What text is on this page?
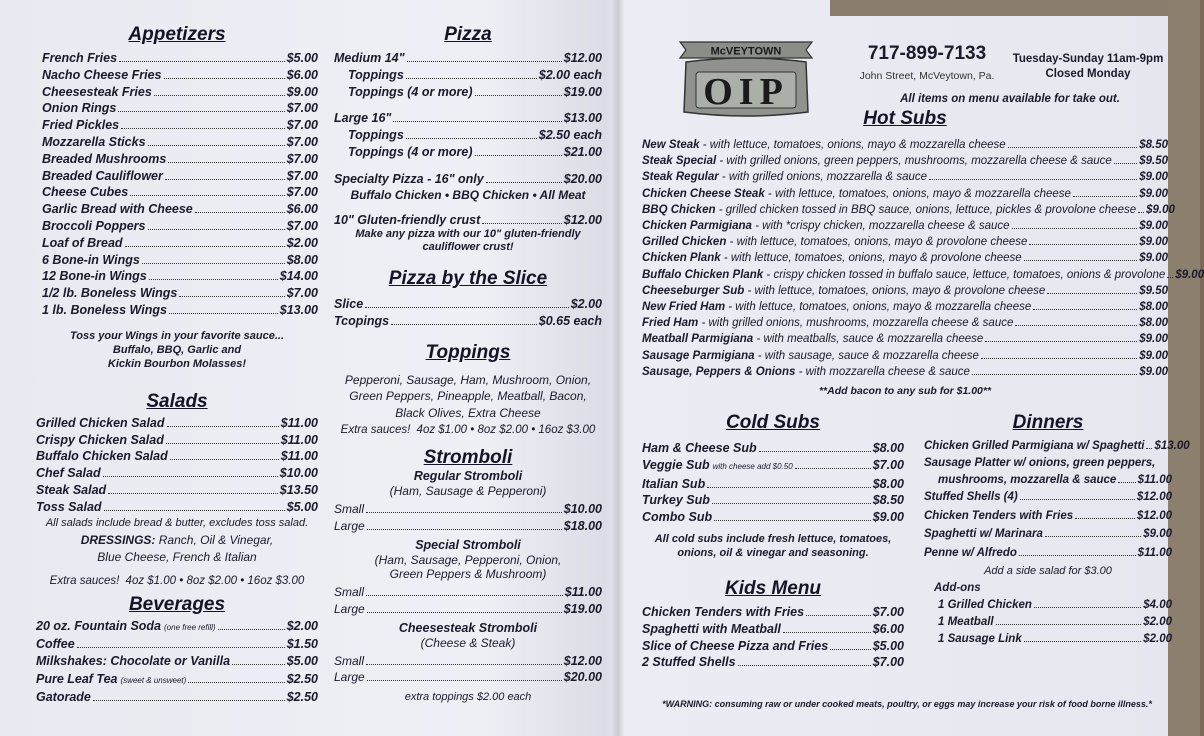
Appetizers
French Fries	$5.00
Nacho Cheese Fries	$6.00
Cheesesteak Fries	$9.00
Onion Rings	$7.00
Fried Pickles	$7.00
Mozzarella Sticks	$7.00
Breaded Mushrooms	$7.00
Breaded Cauliflower	$7.00
Cheese Cubes	$7.00
Garlic Bread with Cheese	$6.00
Broccoli Poppers	$7.00
Loaf of Bread	$2.00
6 Bone-in Wings	$8.00
12 Bone-in Wings	$14.00
1/2 lb. Boneless Wings	$7.00
1 lb. Boneless Wings	$13.00
Toss your Wings in your favorite sauce...
Buffalo, BBQ, Garlic and
Kickin Bourbon Molasses!
Salads
Grilled Chicken Salad	$11.00
Crispy Chicken Salad	$11.00
Buffalo Chicken Salad	$11.00
Chef Salad	$10.00
Steak Salad	$13.50
Toss Salad	$5.00
All salads include bread & butter, excludes toss salad.
DRESSINGS: Ranch, Oil & Vinegar,
Blue Cheese, French & Italian
Extra sauces! 4oz $1.00 • 8oz $2.00 • 16oz $3.00
Beverages
20 oz. Fountain Soda (one free refill)	$2.00
Coffee	$1.50
Milkshakes: Chocolate or Vanilla	$5.00
Pure Leaf Tea (sweet & unsweet)	$2.50
Gatorade	$2.50
Pizza
Medium 14"	$12.00
Toppings	$2.00 each
Toppings (4 or more)	$19.00
Large 16"	$13.00
Toppings	$2.50 each
Toppings (4 or more)	$21.00
Specialty Pizza - 16" only	$20.00
Buffalo Chicken • BBQ Chicken • All Meat
10" Gluten-friendly crust	$12.00
Make any pizza with our 10" gluten-friendly
cauliflower crust!
Pizza by the Slice
Slice	$2.00
Tcopings	$0.65 each
Toppings
Pepperoni, Sausage, Ham, Mushroom, Onion,
Green Peppers, Pineapple, Meatball, Bacon,
Black Olives, Extra Cheese
Extra sauces! 4oz $1.00 • 8oz $2.00 • 16oz $3.00
Stromboli
Regular Stromboli
(Ham, Sausage & Pepperoni)
Small	$10.00
Large	$18.00
Special Stromboli
(Ham, Sausage, Pepperoni, Onion,
Green Peppers & Mushroom)
Small	$11.00
Large	$19.00
Cheesesteak Stromboli
(Cheese & Steak)
Small	$12.00
Large	$20.00
extra toppings $2.00 each
McVEYTOWN
OIP
717-899-7133
John Street, McVeytown, Pa.
Tuesday-Sunday 11am-9pm
Closed Monday
All items on menu available for take out.
Hot Subs
New Steak - with lettuce, tomatoes, onions, mayo & mozzarella cheese	$8.50
Steak Special - with grilled onions, green peppers, mushrooms, mozzarella cheese & sauce $9.50
Steak Regular - with grilled onions, mozzarella & sauce	$9.00
Chicken Cheese Steak - with lettuce, tomatoes, onions, mayo & mozzarella cheese	$9.00
BBQ Chicken - grilled chicken tossed in BBQ sauce, onions, lettuce, pickles & provolone cheese $9.00
Chicken Parmigiana - with *crispy chicken, mozzarella cheese & sauce	$9.00
Grilled Chicken - with lettuce, tomatoes, onions, mayo & provolone cheese	$9.00
Chicken Plank - with lettuce, tomatoes, onions, mayo & provolone cheese	$9.00
Buffalo Chicken Plank - crispy chicken tossed in buffalo sauce, lettuce, tomatoes, onions & provolone $9.00
Cheeseburger Sub - with lettuce, tomatoes, onions, mayo & provolone cheese	$9.50
New Fried Ham - with lettuce, tomatoes, onions, mayo & mozzarella cheese	$8.00
Fried Ham - with grilled onions, mushrooms, mozzarella cheese & sauce	$8.00
Meatball Parmigiana - with meatballs, sauce & mozzarella cheese	$9.00
Sausage Parmigiana - with sausage, sauce & mozzarella cheese	$9.00
Sausage, Peppers & Onions - with mozzarella cheese & sauce	$9.00
**Add bacon to any sub for $1.00**
Cold Subs
Ham & Cheese Sub	$8.00
Veggie Sub with cheese add $0.50	$7.00
Italian Sub	$8.00
Turkey Sub	$8.50
Combo Sub	$9.00
All cold subs include fresh lettuce, tomatoes,
onions, oil & vinegar and seasoning.
Kids Menu
Chicken Tenders with Fries	$7.00
Spaghetti with Meatball	$6.00
Slice of Cheese Pizza and Fries	$5.00
2 Stuffed Shells	$7.00
Dinners
Chicken Grilled Parmigiana w/ Spaghetti $13.00
Sausage Platter w/ onions, green peppers,
mushrooms, mozzarella & sauce $11.00
Stuffed Shells (4)	$12.00
Chicken Tenders with Fries	$12.00
Spaghetti w/ Marinara	$9.00
Penne w/ Alfredo	$11.00
Add a side salad for $3.00
Add-ons
1 Grilled Chicken	$4.00
1 Meatball	$2.00
1 Sausage Link	$2.00
*WARNING: consuming raw or under cooked meats, poultry, or eggs may increase your risk of food borne illness.*
